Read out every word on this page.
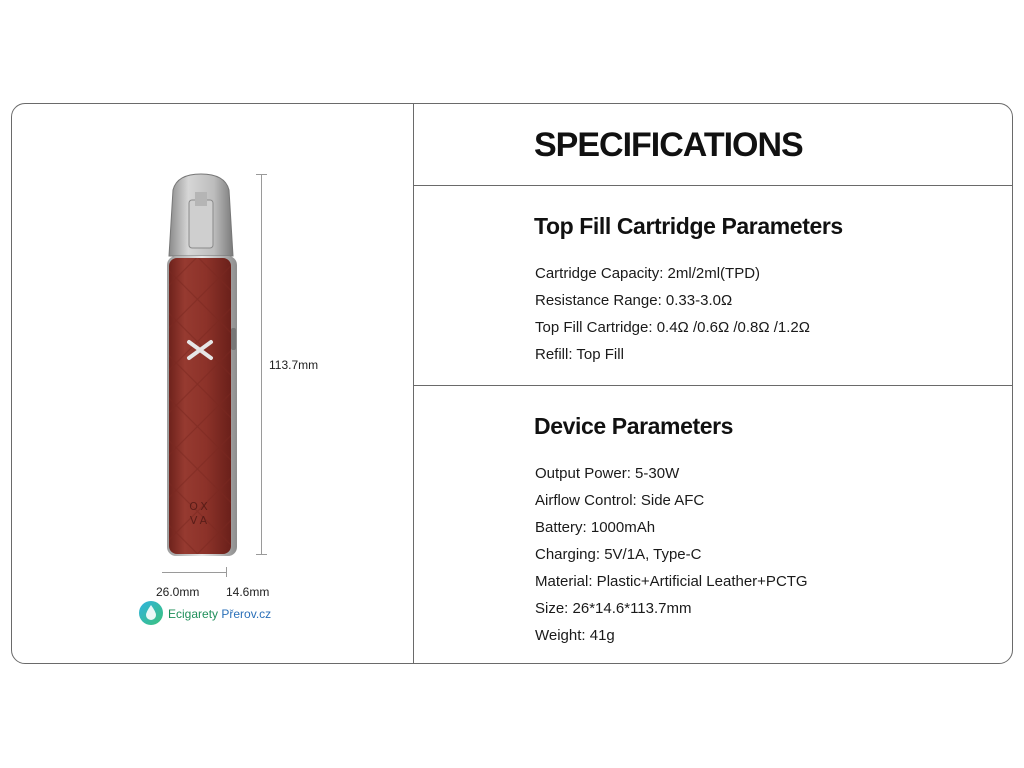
OX
VA
113.7mm
26.0mm 14.6mm
Ecigarety Přerov.cz
SPECIFICATIONS
Top Fill Cartridge Parameters
Cartridge Capacity: 2ml/2ml(TPD)
Resistance Range: 0.33-3.0Ω
Top Fill Cartridge: 0.4Ω /0.6Ω /0.8Ω /1.2Ω
Refill: Top Fill
Device Parameters
Output Power: 5-30W
Airflow Control: Side AFC
Battery: 1000mAh
Charging: 5V/1A, Type-C
Material: Plastic+Artificial Leather+PCTG
Size: 26*14.6*113.7mm
Weight: 41g
